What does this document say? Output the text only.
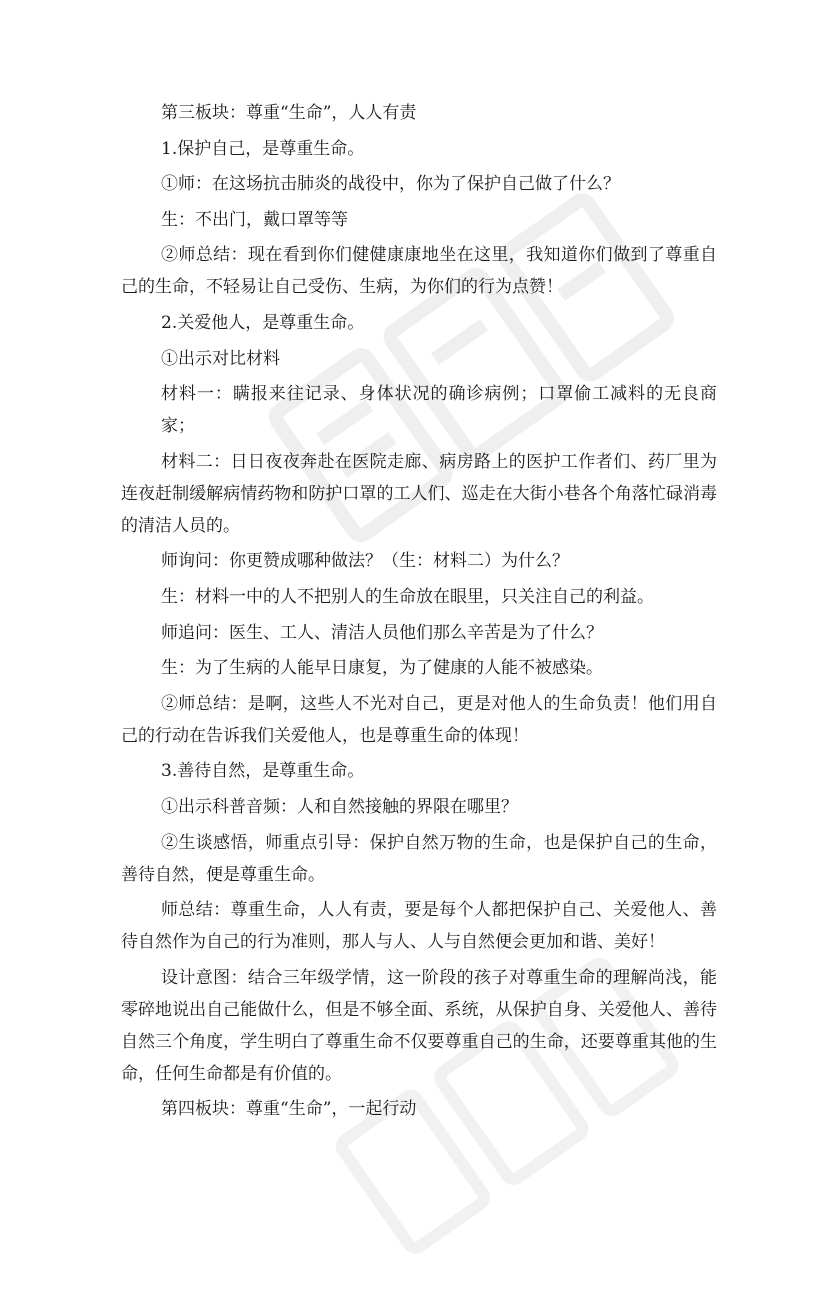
第三板块：尊重“生命”，人人有责

1.保护自己，是尊重生命。

①师：在这场抗击肺炎的战役中，你为了保护自己做了什么？

生：不出门，戴口罩等等

②师总结：现在看到你们健健康康地坐在这里，我知道你们做到了尊重自己的生命，不轻易让自己受伤、生病，为你们的行为点赞！

2.关爱他人，是尊重生命。

①出示对比材料

材料一：瞒报来往记录、身体状况的确诊病例；口罩偷工减料的无良商家；

材料二：日日夜夜奔赴在医院走廊、病房路上的医护工作者们、药厂里为连夜赶制缓解病情药物和防护口罩的工人们、巡走在大街小巷各个角落忙碌消毒的清洁人员的。

师询问：你更赞成哪种做法？（生：材料二）为什么？

生：材料一中的人不把别人的生命放在眼里，只关注自己的利益。

师追问：医生、工人、清洁人员他们那么辛苦是为了什么？

生：为了生病的人能早日康复，为了健康的人能不被感染。

②师总结：是啊，这些人不光对自己，更是对他人的生命负责！他们用自己的行动在告诉我们关爱他人，也是尊重生命的体现！

3.善待自然，是尊重生命。

①出示科普音频：人和自然接触的界限在哪里？

②生谈感悟，师重点引导：保护自然万物的生命，也是保护自己的生命，善待自然，便是尊重生命。

师总结：尊重生命，人人有责，要是每个人都把保护自己、关爱他人、善待自然作为自己的行为准则，那人与人、人与自然便会更加和谐、美好！

设计意图：结合三年级学情，这一阶段的孩子对尊重生命的理解尚浅，能零碎地说出自己能做什么，但是不够全面、系统，从保护自身、关爱他人、善待自然三个角度，学生明白了尊重生命不仅要尊重自己的生命，还要尊重其他的生命，任何生命都是有价值的。

第四板块：尊重“生命”，一起行动
